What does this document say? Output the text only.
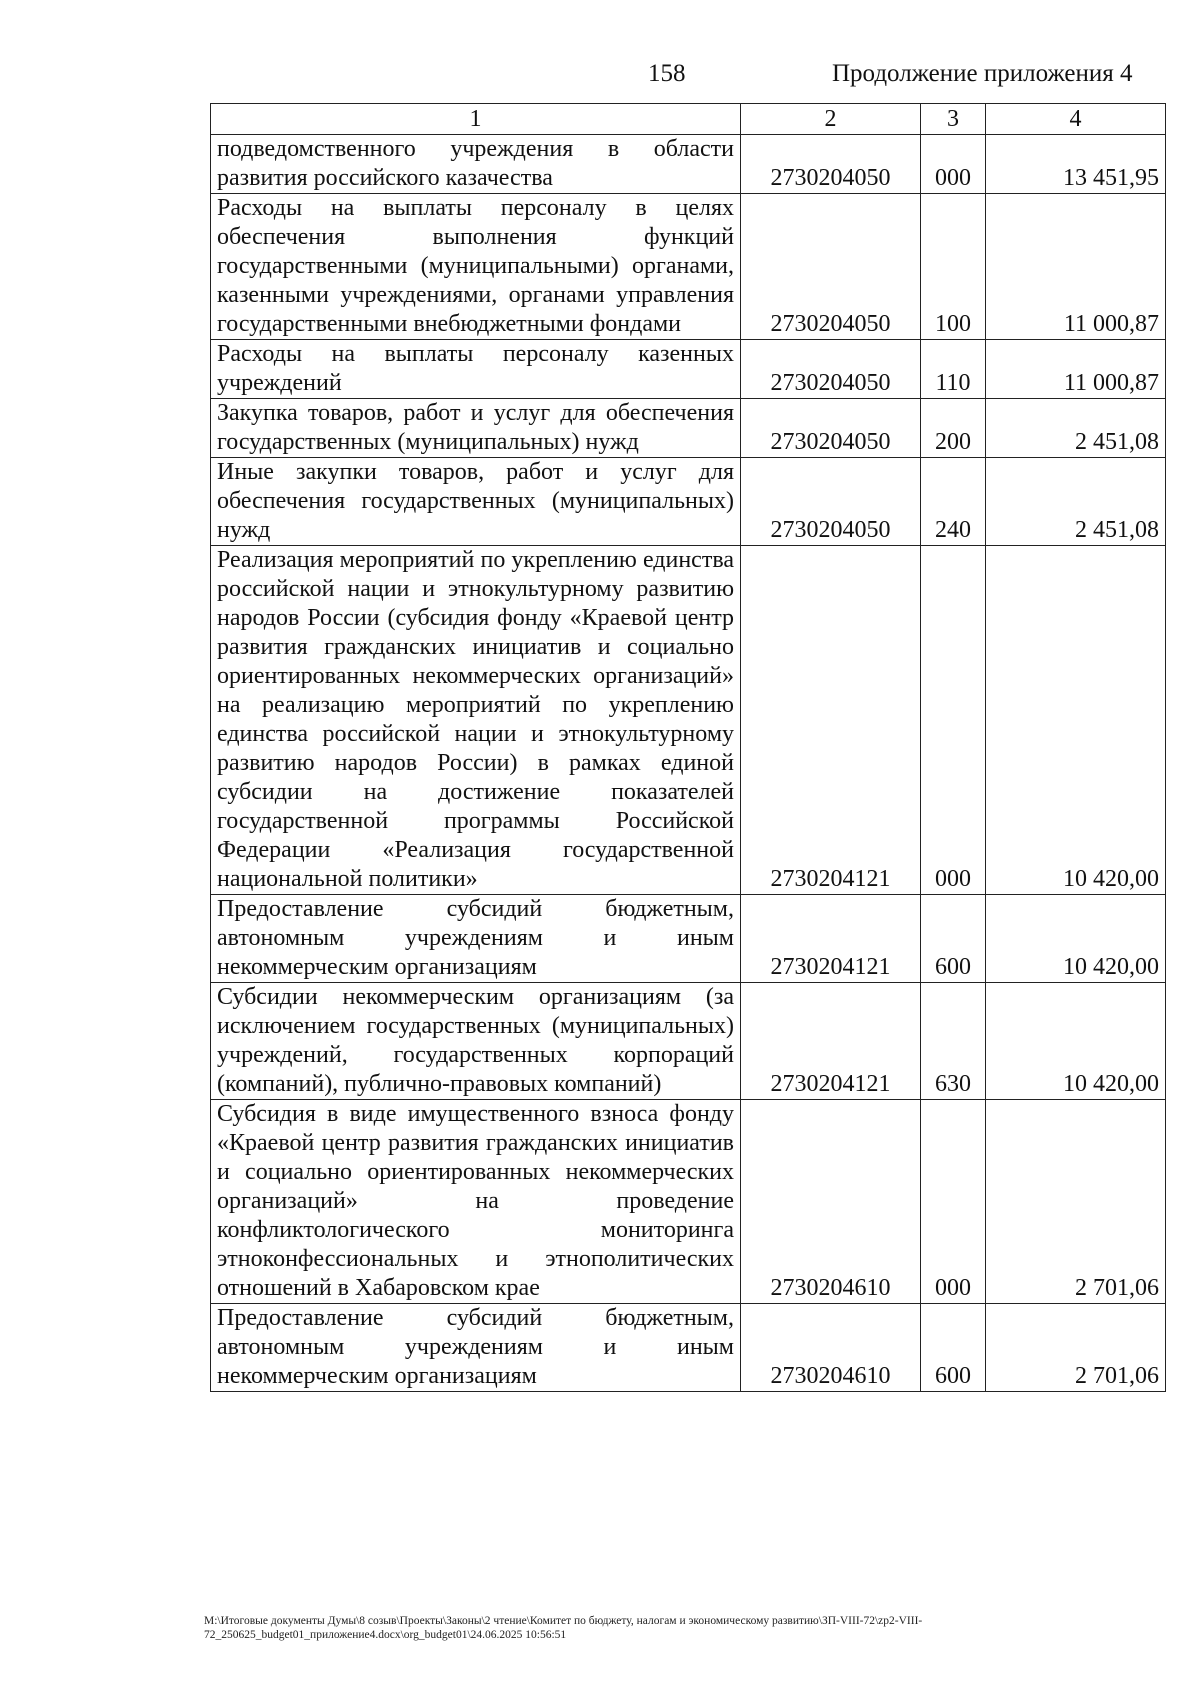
158	Продолжение приложения 4
1	2	3	4
подведомственного учреждения в области развития российского казачества	2730204050	000	13 451,95
Расходы на выплаты персоналу в целях обеспечения выполнения функций государственными (муниципальными) органами, казенными учреждениями, органами управления государственными внебюджетными фондами	2730204050	100	11 000,87
Расходы на выплаты персоналу казенных учреждений	2730204050	110	11 000,87
Закупка товаров, работ и услуг для обеспечения государственных (муниципальных) нужд	2730204050	200	2 451,08
Иные закупки товаров, работ и услуг для обеспечения государственных (муниципальных) нужд	2730204050	240	2 451,08
Реализация мероприятий по укреплению единства российской нации и этнокультурному развитию народов России (субсидия фонду «Краевой центр развития гражданских инициатив и социально ориентированных некоммерческих организаций» на реализацию мероприятий по укреплению единства российской нации и этнокультурному развитию народов России) в рамках единой субсидии на достижение показателей государственной программы Российской Федерации «Реализация государственной национальной политики»	2730204121	000	10 420,00
Предоставление субсидий бюджетным, автономным учреждениям и иным некоммерческим организациям	2730204121	600	10 420,00
Субсидии некоммерческим организациям (за исключением государственных (муниципальных) учреждений, государственных корпораций (компаний), публично-правовых компаний)	2730204121	630	10 420,00
Субсидия в виде имущественного взноса фонду «Краевой центр развития гражданских инициатив и социально ориентированных некоммерческих организаций» на проведение конфликтологического мониторинга этноконфессиональных и этнополитических отношений в Хабаровском крае	2730204610	000	2 701,06
Предоставление субсидий бюджетным, автономным учреждениям и иным некоммерческим организациям	2730204610	600	2 701,06
M:\Итоговые документы Думы\8 созыв\Проекты\Законы\2 чтение\Комитет по бюджету, налогам и экономическому развитию\ЗП-VIII-72\zp2-VIII-72_250625_budget01_приложение4.docx\org_budget01\24.06.2025 10:56:51
